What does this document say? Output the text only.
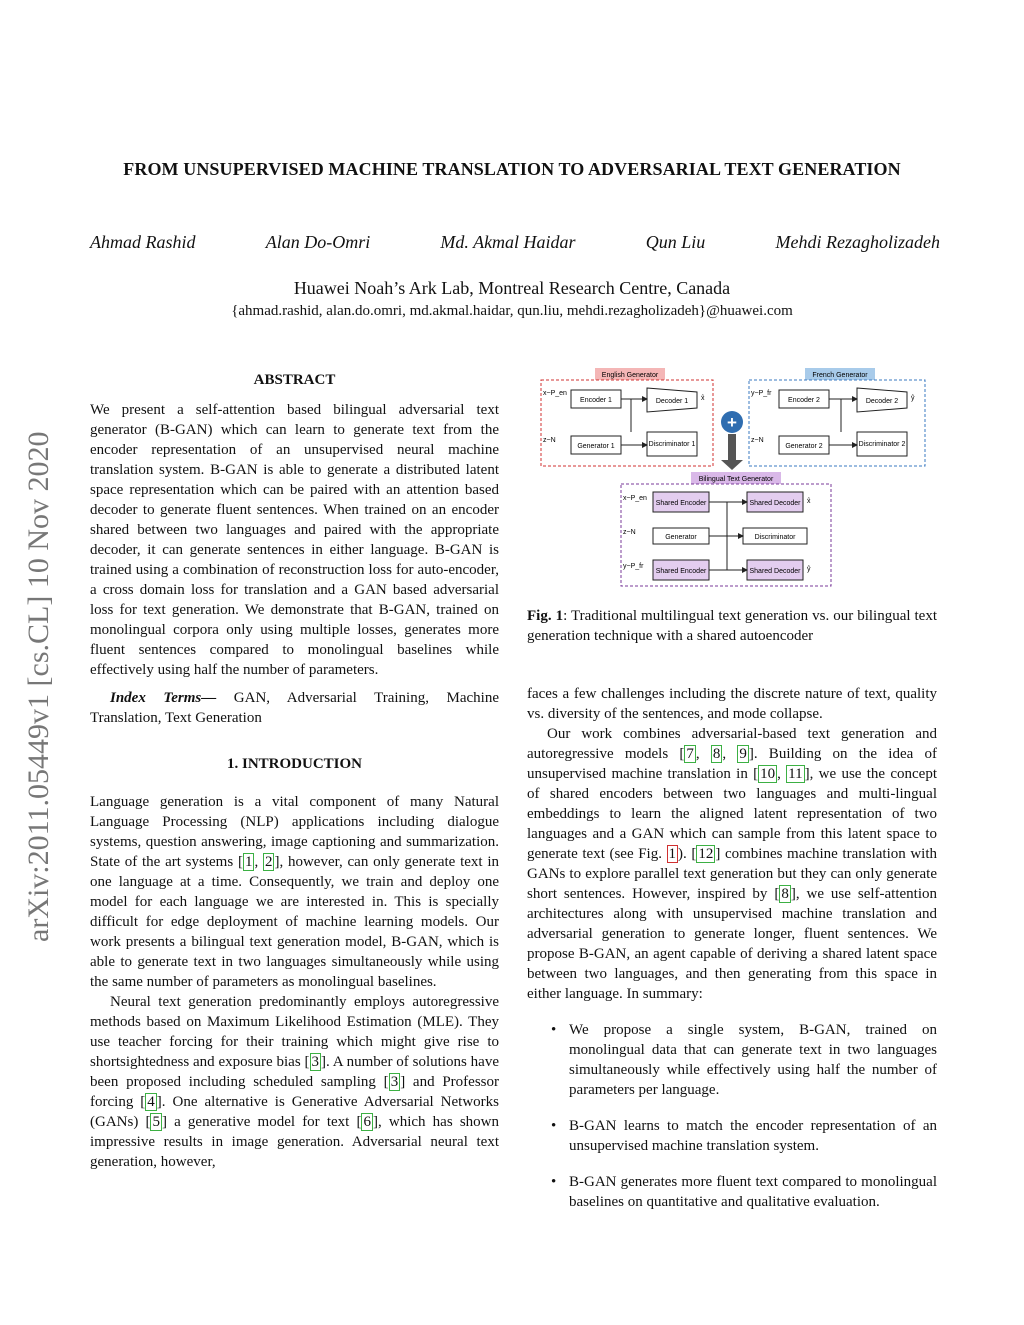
FROM UNSUPERVISED MACHINE TRANSLATION TO ADVERSARIAL TEXT GENERATION
Ahmad Rashid	Alan Do-Omri	Md. Akmal Haidar	Qun Liu	Mehdi Rezagholizadeh
Huawei Noah’s Ark Lab, Montreal Research Centre, Canada
{ahmad.rashid, alan.do.omri, md.akmal.haidar, qun.liu, mehdi.rezagholizadeh}@huawei.com
arXiv:2011.05449v1 [cs.CL] 10 Nov 2020
ABSTRACT

We present a self-attention based bilingual adversarial text generator (B-GAN) which can learn to generate text from the encoder representation of an unsupervised neural machine translation system. B-GAN is able to generate a distributed latent space representation which can be paired with an attention based decoder to generate fluent sentences. When trained on an encoder shared between two languages and paired with the appropriate decoder, it can generate sentences in either language. B-GAN is trained using a combination of reconstruction loss for auto-encoder, a cross domain loss for translation and a GAN based adversarial loss for text generation. We demonstrate that B-GAN, trained on monolingual corpora only using multiple losses, generates more fluent sentences compared to monolingual baselines while effectively using half the number of parameters.

Index Terms— GAN, Adversarial Training, Machine Translation, Text Generation

1. INTRODUCTION

Language generation is a vital component of many Natural Language Processing (NLP) applications including dialogue systems, question answering, image captioning and summarization. State of the art systems [ 1 , 2 ], however, can only generate text in one language at a time. Consequently, we train and deploy one model for each language we are interested in. This is specially difficult for edge deployment of machine learning models. Our work presents a bilingual text generation model, B-GAN, which is able to generate text in two languages simultaneously while using the same number of parameters as monolingual baselines.

Neural text generation predominantly employs autoregressive methods based on Maximum Likelihood Estimation (MLE). They use teacher forcing for their training which might give rise to shortsightedness and exposure bias [ 3 ]. A number of solutions have been proposed including scheduled sampling [ 3 ] and Professor forcing [ 4 ]. One alternative is Generative Adversarial Networks (GANs) [ 5 ] a generative model for text [ 6 ], which has shown impressive results in image generation. Adversarial neural text generation, however,

English Generator
x~P_en
Encoder 1	Decoder 1 x̂
z~N
Generator 1	Discriminator 1
French Generator
y~P_fr
Encoder 2	Decoder 2 ŷ
z~N
Generator 2	Discriminator 2
+
Bilingual Text Generator
x~P_en
Shared Encoder	Shared Decoder x̂
z~N
Generator	Discriminator
y~P_fr
Shared Encoder	Shared Decoder ŷ

Fig. 1: Traditional multilingual text generation vs. our bilingual text generation technique with a shared autoencoder

faces a few challenges including the discrete nature of text, quality vs. diversity of the sentences, and mode collapse.

Our work combines adversarial-based text generation and autoregressive models [ 7 , 8 , 9 ]. Building on the idea of unsupervised machine translation in [ 10 , 11 ], we use the concept of shared encoders between two languages and multi-lingual embeddings to learn the aligned latent representation of two languages and a GAN which can sample from this latent space to generate text (see Fig. 1 ). [ 12 ] combines machine translation with GANs to explore parallel text generation but they can only generate short sentences. However, inspired by [ 8 ], we use self-attention architectures along with unsupervised machine translation and adversarial generation to generate longer, fluent sentences. We propose B-GAN, an agent capable of deriving a shared latent space between two languages, and then generating from this space in either language. In summary:

• We propose a single system, B-GAN, trained on monolingual data that can generate text in two languages simultaneously while effectively using half the number of parameters per language.
• B-GAN learns to match the encoder representation of an unsupervised machine translation system.
• B-GAN generates more fluent text compared to monolingual baselines on quantitative and qualitative evaluation.
